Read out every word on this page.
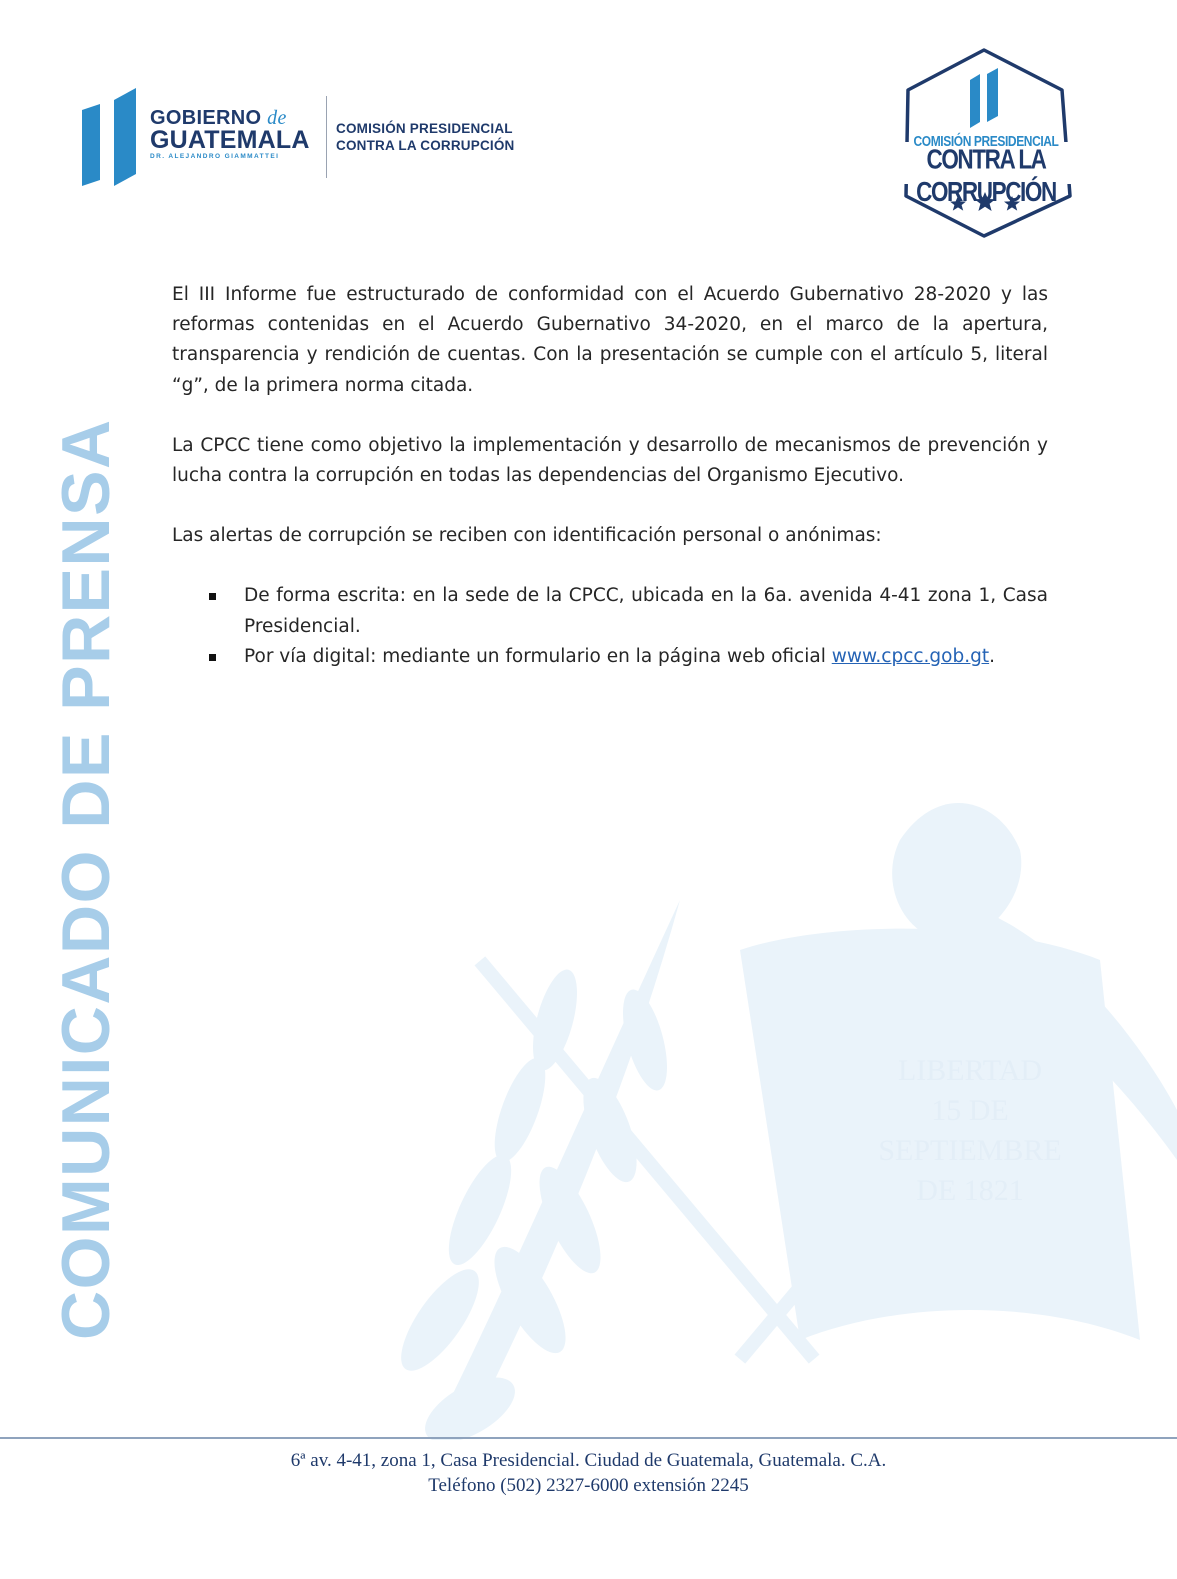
LIBERTAD
15 DE
SEPTIEMBRE
DE 1821
GOBIERNO de
GUATEMALA
DR. ALEJANDRO GIAMMATTEI
COMISIÓN PRESIDENCIAL
CONTRA LA CORRUPCIÓN	COMISIÓN PRESIDENCIAL
CONTRA LA CORRUPCIÓN
COMUNICADO DE PRENSA

El III Informe fue estructurado de conformidad con el Acuerdo Gubernativo 28-2020 y las reformas contenidas en el Acuerdo Gubernativo 34-2020, en el marco de la apertura, transparencia y rendición de cuentas. Con la presentación se cumple con el artículo 5, literal “g”, de la primera norma citada.

La CPCC tiene como objetivo la implementación y desarrollo de mecanismos de prevención y lucha contra la corrupción en todas las dependencias del Organismo Ejecutivo.

Las alertas de corrupción se reciben con identificación personal o anónimas:

De forma escrita: en la sede de la CPCC, ubicada en la 6a. avenida 4-41 zona 1, Casa Presidencial.
Por vía digital: mediante un formulario en la página web oficial www.cpcc.gob.gt.
6ª av. 4-41, zona 1, Casa Presidencial. Ciudad de Guatemala, Guatemala. C.A.
Teléfono (502) 2327-6000 extensión 2245
